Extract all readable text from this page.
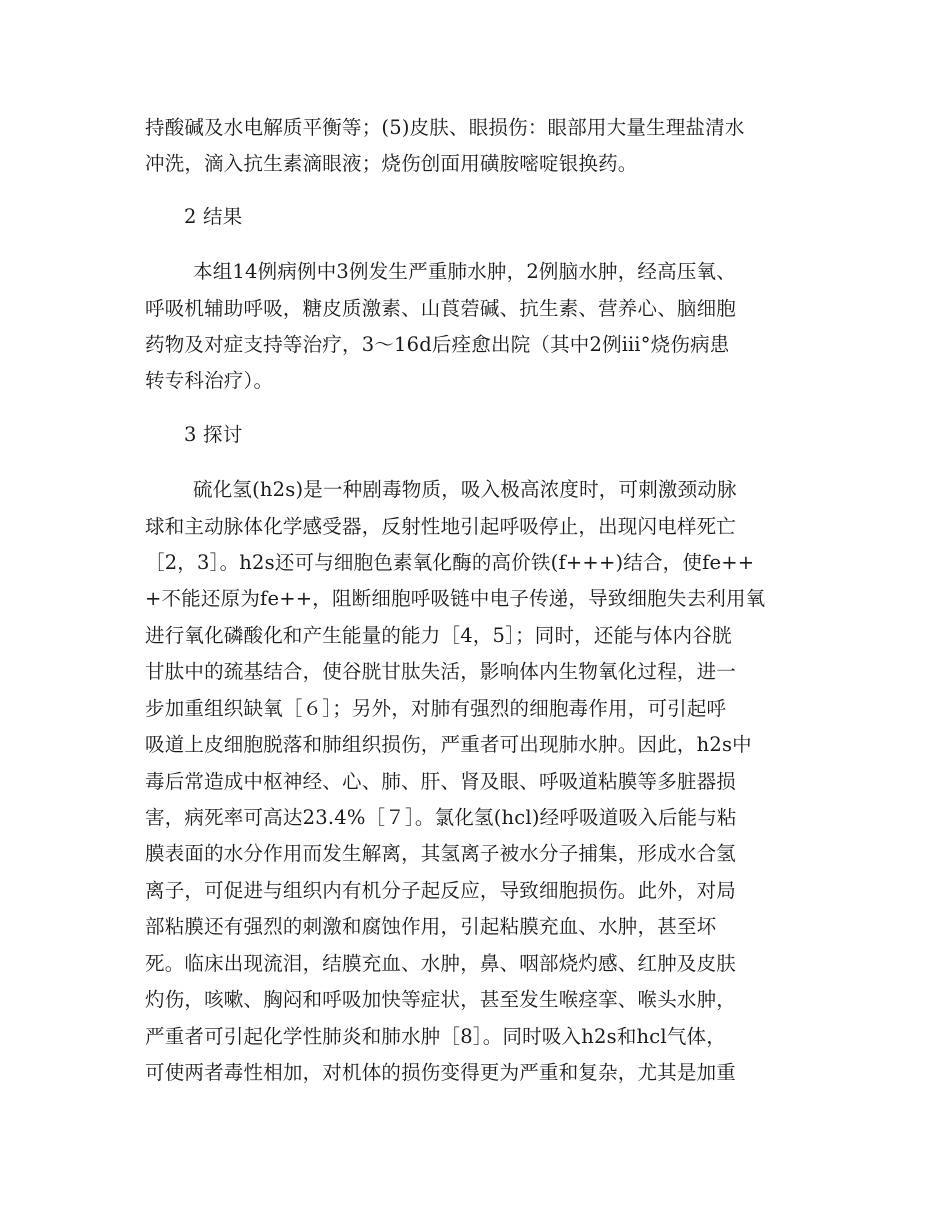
持酸碱及水电解质平衡等；(5)皮肤、眼损伤：眼部用大量生理盐清水
冲洗，滴入抗生素滴眼液；烧伤创面用磺胺嘧啶银换药。
2 结果
本组14例病例中3例发生严重肺水肿，2例脑水肿，经高压氧、
呼吸机辅助呼吸，糖皮质激素、山莨菪碱、抗生素、营养心、脑细胞
药物及对症支持等治疗，3～16d后痊愈出院（其中2例ⅲ°烧伤病患
转专科治疗）。
3 探讨
硫化氢(h2s)是一种剧毒物质，吸入极高浓度时，可刺激颈动脉
球和主动脉体化学感受器，反射性地引起呼吸停止，出现闪电样死亡
［2，3］。h2s还可与细胞色素氧化酶的高价铁(f+++)结合，使fe++
+不能还原为fe++，阻断细胞呼吸链中电子传递，导致细胞失去利用氧
进行氧化磷酸化和产生能量的能力［4，5］；同时，还能与体内谷胱
甘肽中的巯基结合，使谷胱甘肽失活，影响体内生物氧化过程，进一
步加重组织缺氧［６］；另外，对肺有强烈的细胞毒作用，可引起呼
吸道上皮细胞脱落和肺组织损伤，严重者可出现肺水肿。因此，h2s中
毒后常造成中枢神经、心、肺、肝、肾及眼、呼吸道粘膜等多脏器损
害，病死率可高达23.4%［７］。氯化氢(hcl)经呼吸道吸入后能与粘
膜表面的水分作用而发生解离，其氢离子被水分子捕集，形成水合氢
离子，可促进与组织内有机分子起反应，导致细胞损伤。此外，对局
部粘膜还有强烈的刺激和腐蚀作用，引起粘膜充血、水肿，甚至坏
死。临床出现流泪，结膜充血、水肿，鼻、咽部烧灼感、红肿及皮肤
灼伤，咳嗽、胸闷和呼吸加快等症状，甚至发生喉痉挛、喉头水肿，
严重者可引起化学性肺炎和肺水肿［8］。同时吸入h2s和hcl气体，
可使两者毒性相加，对机体的损伤变得更为严重和复杂，尤其是加重
